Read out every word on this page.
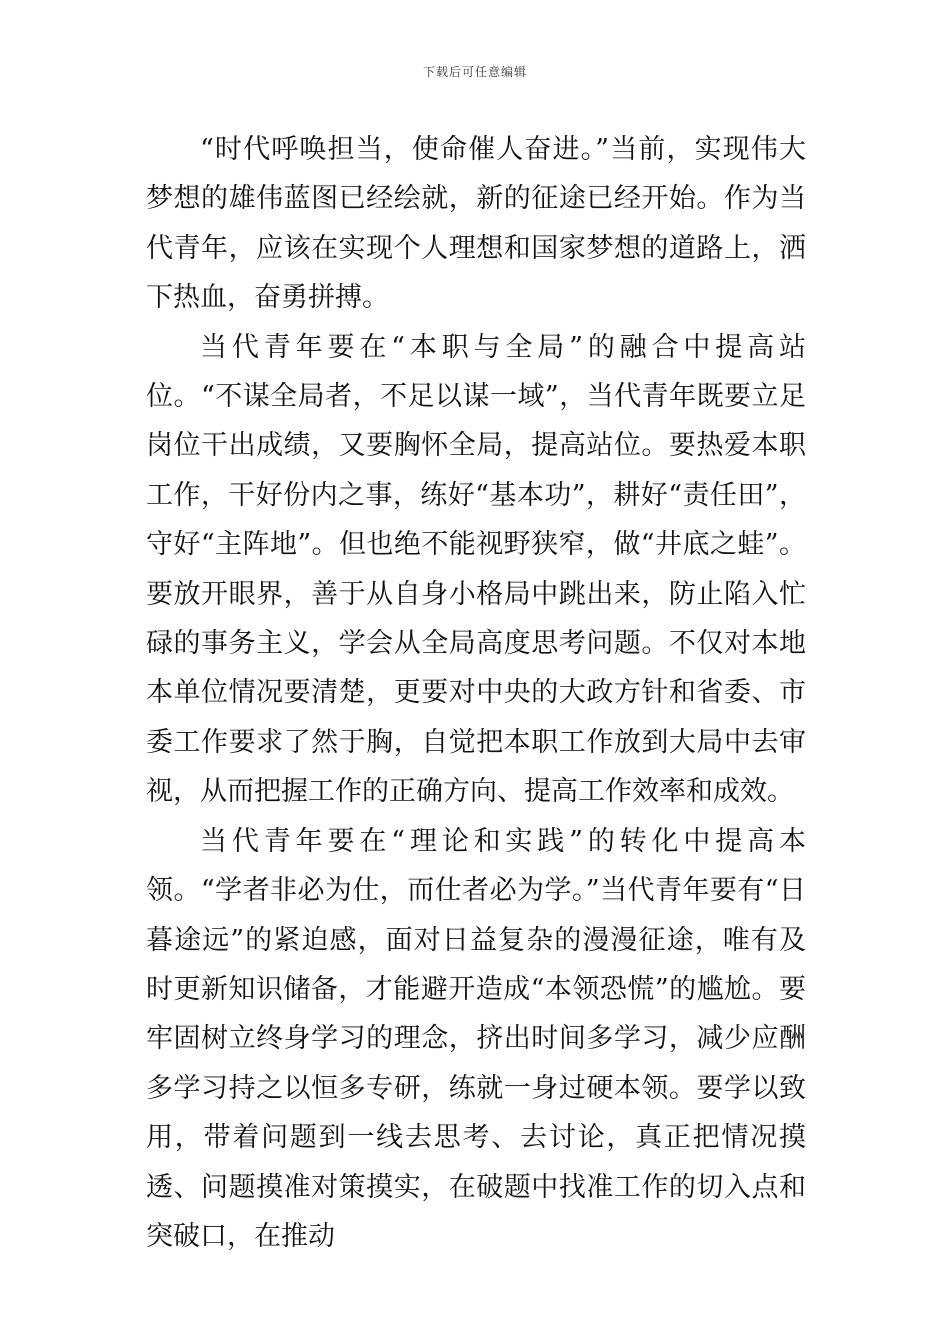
下载后可任意编辑

“时代呼唤担当，使命催人奋进。”当前，实现伟大梦想的雄伟蓝图已经绘就，新的征途已经开始。作为当代青年，应该在实现个人理想和国家梦想的道路上，洒下热血，奋勇拼搏。

当代青年要在“本职与全局”的融合中提高站位。“不谋全局者，不足以谋一域”，当代青年既要立足岗位干出成绩，又要胸怀全局，提高站位。要热爱本职工作，干好份内之事，练好“基本功”，耕好“责任田”，守好“主阵地”。但也绝不能视野狭窄，做“井底之蛙”。要放开眼界，善于从自身小格局中跳出来，防止陷入忙碌的事务主义，学会从全局高度思考问题。不仅对本地本单位情况要清楚，更要对中央的大政方针和省委、市委工作要求了然于胸，自觉把本职工作放到大局中去审视，从而把握工作的正确方向、提高工作效率和成效。

当代青年要在“理论和实践”的转化中提高本领。“学者非必为仕，而仕者必为学。”当代青年要有“日暮途远”的紧迫感，面对日益复杂的漫漫征途，唯有及时更新知识储备，才能避开造成“本领恐慌”的尴尬。要牢固树立终身学习的理念，挤出时间多学习，减少应酬多学习持之以恒多专研，练就一身过硬本领。要学以致用，带着问题到一线去思考、去讨论，真正把情况摸透、问题摸准对策摸实，在破题中找准工作的切入点和突破口，在推动
